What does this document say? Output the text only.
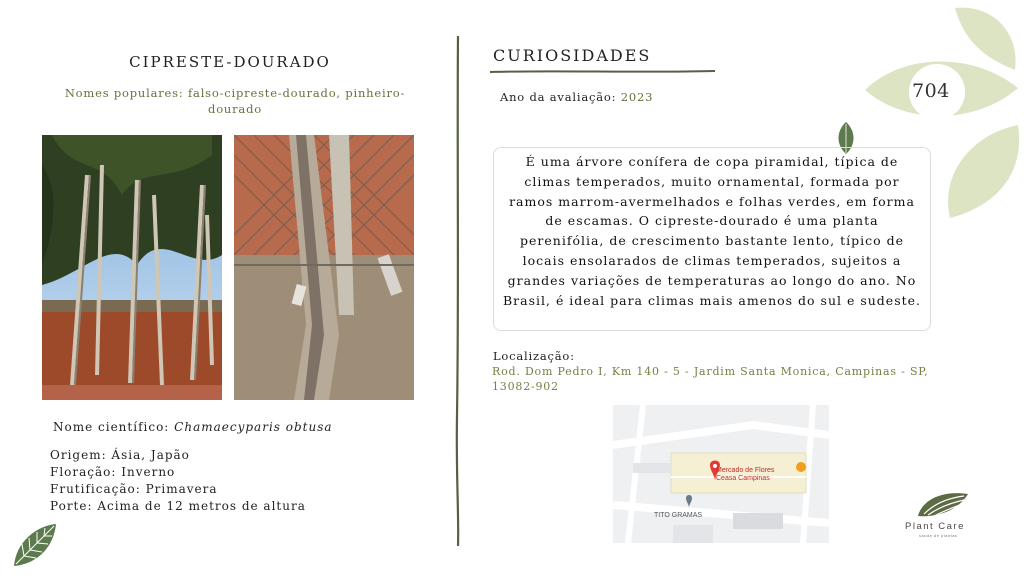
704
CIPRESTE-DOURADO
Nomes populares: falso-cipreste-dourado, pinheiro-dourado
Nome científico: Chamaecyparis obtusa
Origem: Ásia, Japão
Floração: Inverno
Frutificação: Primavera
Porte: Acima de 12 metros de altura
CURIOSIDADES
Ano da avaliação: 2023
É uma árvore conífera de copa piramidal, típica de climas temperados, muito ornamental, formada por ramos marrom-avermelhados e folhas verdes, em forma de escamas. O cipreste-dourado é uma planta perenifólia, de crescimento bastante lento, típico de locais ensolarados de climas temperados, sujeitos a grandes variações de temperaturas ao longo do ano. No Brasil, é ideal para climas mais amenos do sul e sudeste.
Localização:
Rod. Dom Pedro I, Km 140 - 5 - Jardim Santa Monica, Campinas - SP, 13082-902
Mercado de Flores
Ceasa Campinas
TITO GRAMAS
Plant Care
saúde de plantas
